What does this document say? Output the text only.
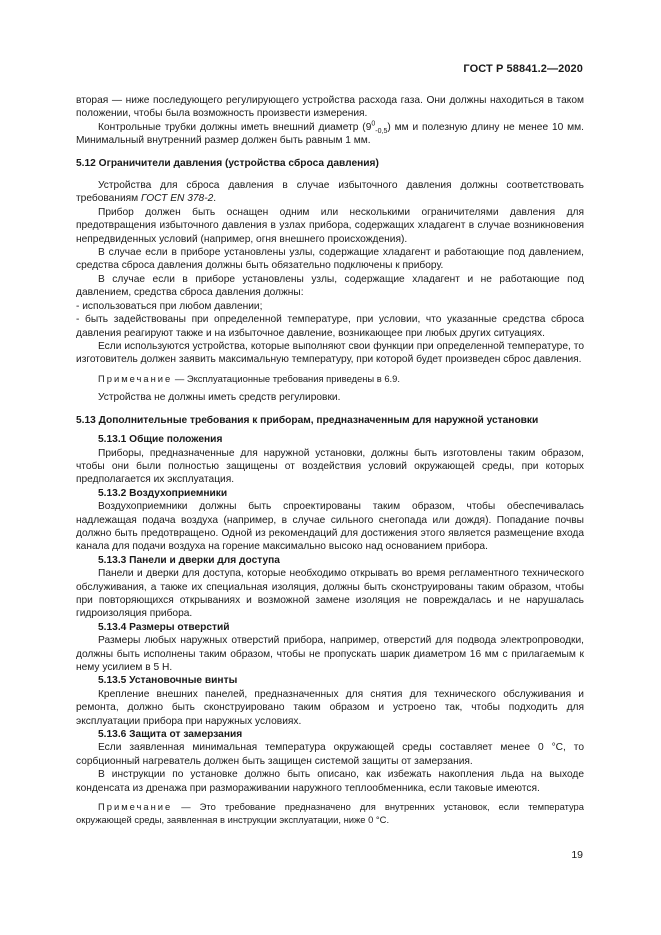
ГОСТ Р 58841.2—2020

вторая — ниже последующего регулирующего устройства расхода газа. Они должны находиться в таком положении, чтобы была возможность произвести измерения.

Контрольные трубки должны иметь внешний диаметр $(9^0_{-0,5})$ мм и полезную длину не менее 10 мм. Минимальный внутренний размер должен быть равным 1 мм.

5.12 Ограничители давления (устройства сброса давления)

Устройства для сброса давления в случае избыточного давления должны соответствовать требованиям ГОСТ EN 378-2.

Прибор должен быть оснащен одним или несколькими ограничителями давления для предотвращения избыточного давления в узлах прибора, содержащих хладагент в случае возникновения непредвиденных условий (например, огня внешнего происхождения).

В случае если в приборе установлены узлы, содержащие хладагент и работающие под давлением, средства сброса давления должны быть обязательно подключены к прибору.

В случае если в приборе установлены узлы, содержащие хладагент и не работающие под давлением, средства сброса давления должны:

- использоваться при любом давлении;

- быть задействованы при определенной температуре, при условии, что указанные средства сброса давления реагируют также и на избыточное давление, возникающее при любых других ситуациях.

Если используются устройства, которые выполняют свои функции при определенной температуре, то изготовитель должен заявить максимальную температуру, при которой будет произведен сброс давления.

Примечание — Эксплуатационные требования приведены в 6.9.

Устройства не должны иметь средств регулировки.

5.13 Дополнительные требования к приборам, предназначенным для наружной установки

5.13.1 Общие положения

Приборы, предназначенные для наружной установки, должны быть изготовлены таким образом, чтобы они были полностью защищены от воздействия условий окружающей среды, при которых предполагается их эксплуатация.

5.13.2 Воздухоприемники

Воздухоприемники должны быть спроектированы таким образом, чтобы обеспечивалась надлежащая подача воздуха (например, в случае сильного снегопада или дождя). Попадание почвы должно быть предотвращено. Одной из рекомендаций для достижения этого является размещение входа канала для подачи воздуха на горение максимально высоко над основанием прибора.

5.13.3 Панели и дверки для доступа

Панели и дверки для доступа, которые необходимо открывать во время регламентного технического обслуживания, а также их специальная изоляция, должны быть сконструированы таким образом, чтобы при повторяющихся открываниях и возможной замене изоляция не повреждалась и не нарушалась гидроизоляция прибора.

5.13.4 Размеры отверстий

Размеры любых наружных отверстий прибора, например, отверстий для подвода электропроводки, должны быть исполнены таким образом, чтобы не пропускать шарик диаметром 16 мм с прилагаемым к нему усилием в 5 Н.

5.13.5 Установочные винты

Крепление внешних панелей, предназначенных для снятия для технического обслуживания и ремонта, должно быть сконструировано таким образом и устроено так, чтобы подходить для эксплуатации прибора при наружных условиях.

5.13.6 Защита от замерзания

Если заявленная минимальная температура окружающей среды составляет менее 0 °С, то сорбционный нагреватель должен быть защищен системой защиты от замерзания.

В инструкции по установке должно быть описано, как избежать накопления льда на выходе конденсата из дренажа при размораживании наружного теплообменника, если таковые имеются.

Примечание — Это требование предназначено для внутренних установок, если температура окружающей среды, заявленная в инструкции эксплуатации, ниже 0 °С.

19
